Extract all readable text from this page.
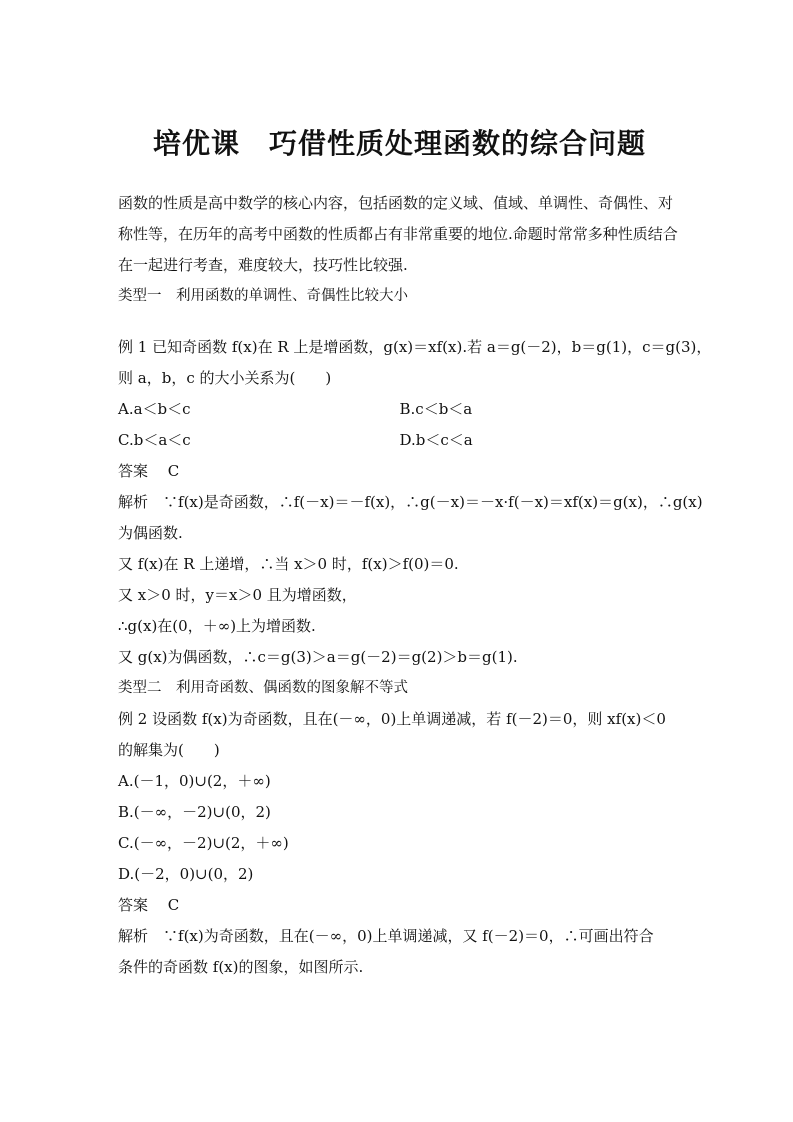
培优课　巧借性质处理函数的综合问题
函数的性质是高中数学的核心内容，包括函数的定义域、值域、单调性、奇偶性、对称性等，在历年的高考中函数的性质都占有非常重要的地位.命题时常常多种性质结合在一起进行考查，难度较大，技巧性比较强.
类型一　利用函数的单调性、奇偶性比较大小
例 1 已知奇函数 f(x)在 R 上是增函数，g(x)＝xf(x).若 a＝g(－2)，b＝g(1)，c＝g(3)，
则 a，b，c 的大小关系为(　　)
A.a＜b＜c	B.c＜b＜a
C.b＜a＜c	D.b＜c＜a
答案　 C
解析　 ∵f(x)是奇函数，∴f(－x)＝－f(x)，∴g(－x)＝－x·f(－x)＝xf(x)＝g(x)，∴g(x)
为偶函数.
又 f(x)在 R 上递增，∴当 x＞0 时，f(x)＞f(0)＝0.
又 x＞0 时，y＝x＞0 且为增函数，
∴g(x)在(0，＋∞)上为增函数.
又 g(x)为偶函数，∴c＝g(3)＞a＝g(－2)＝g(2)＞b＝g(1).
类型二　利用奇函数、偶函数的图象解不等式
例 2 设函数 f(x)为奇函数，且在(－∞，0)上单调递减，若 f(－2)＝0，则 xf(x)＜0
的解集为(　　)
A.(－1，0)∪(2，＋∞)
B.(－∞，－2)∪(0，2)
C.(－∞，－2)∪(2，＋∞)
D.(－2，0)∪(0，2)
答案　 C
解析　 ∵f(x)为奇函数，且在(－∞，0)上单调递减，又 f(－2)＝0，∴可画出符合
条件的奇函数 f(x)的图象，如图所示.
